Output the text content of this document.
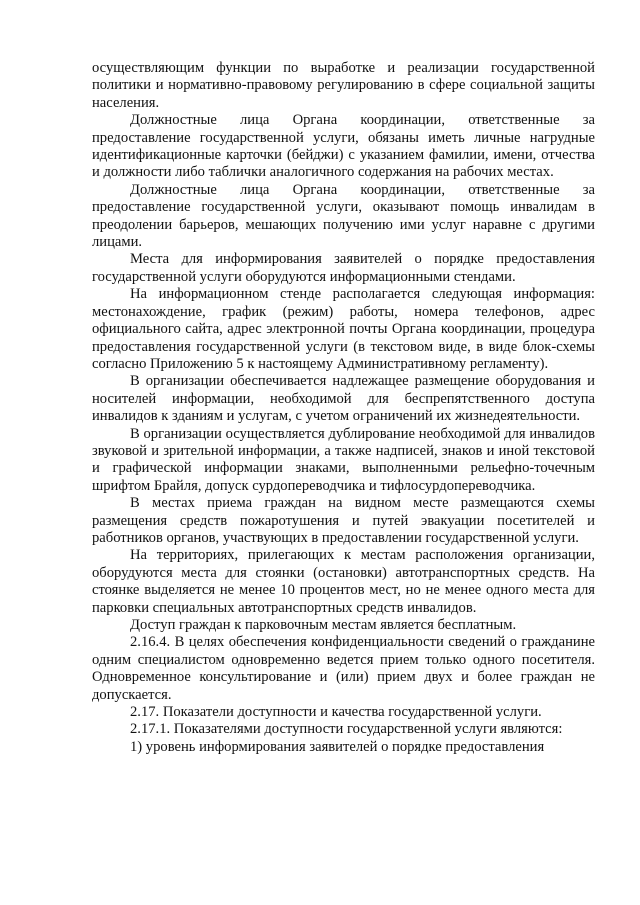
осуществляющим функции по выработке и реализации государственной политики и нормативно-правовому регулированию в сфере социальной защиты населения.

Должностные лица Органа координации, ответственные за предоставление государственной услуги, обязаны иметь личные нагрудные идентификационные карточки (бейджи) с указанием фамилии, имени, отчества и должности либо таблички аналогичного содержания на рабочих местах.

Должностные лица Органа координации, ответственные за предоставление государственной услуги, оказывают помощь инвалидам в преодолении барьеров, мешающих получению ими услуг наравне с другими лицами.

Места для информирования заявителей о порядке предоставления государственной услуги оборудуются информационными стендами.

На информационном стенде располагается следующая информация: местонахождение, график (режим) работы, номера телефонов, адрес официального сайта, адрес электронной почты Органа координации, процедура предоставления государственной услуги (в текстовом виде, в виде блок-схемы согласно Приложению 5 к настоящему Административному регламенту).

В организации обеспечивается надлежащее размещение оборудования и носителей информации, необходимой для беспрепятственного доступа инвалидов к зданиям и услугам, с учетом ограничений их жизнедеятельности.

В организации осуществляется дублирование необходимой для инвалидов звуковой и зрительной информации, а также надписей, знаков и иной текстовой и графической информации знаками, выполненными рельефно-точечным шрифтом Брайля, допуск сурдопереводчика и тифлосурдопереводчика.

В местах приема граждан на видном месте размещаются схемы размещения средств пожаротушения и путей эвакуации посетителей и работников органов, участвующих в предоставлении государственной услуги.

На территориях, прилегающих к местам расположения организации, оборудуются места для стоянки (остановки) автотранспортных средств. На стоянке выделяется не менее 10 процентов мест, но не менее одного места для парковки специальных автотранспортных средств инвалидов.

Доступ граждан к парковочным местам является бесплатным.

2.16.4. В целях обеспечения конфиденциальности сведений о гражданине одним специалистом одновременно ведется прием только одного посетителя. Одновременное консультирование и (или) прием двух и более граждан не допускается.

2.17. Показатели доступности и качества государственной услуги.

2.17.1. Показателями доступности государственной услуги являются:

1) уровень информирования заявителей о порядке предоставления
